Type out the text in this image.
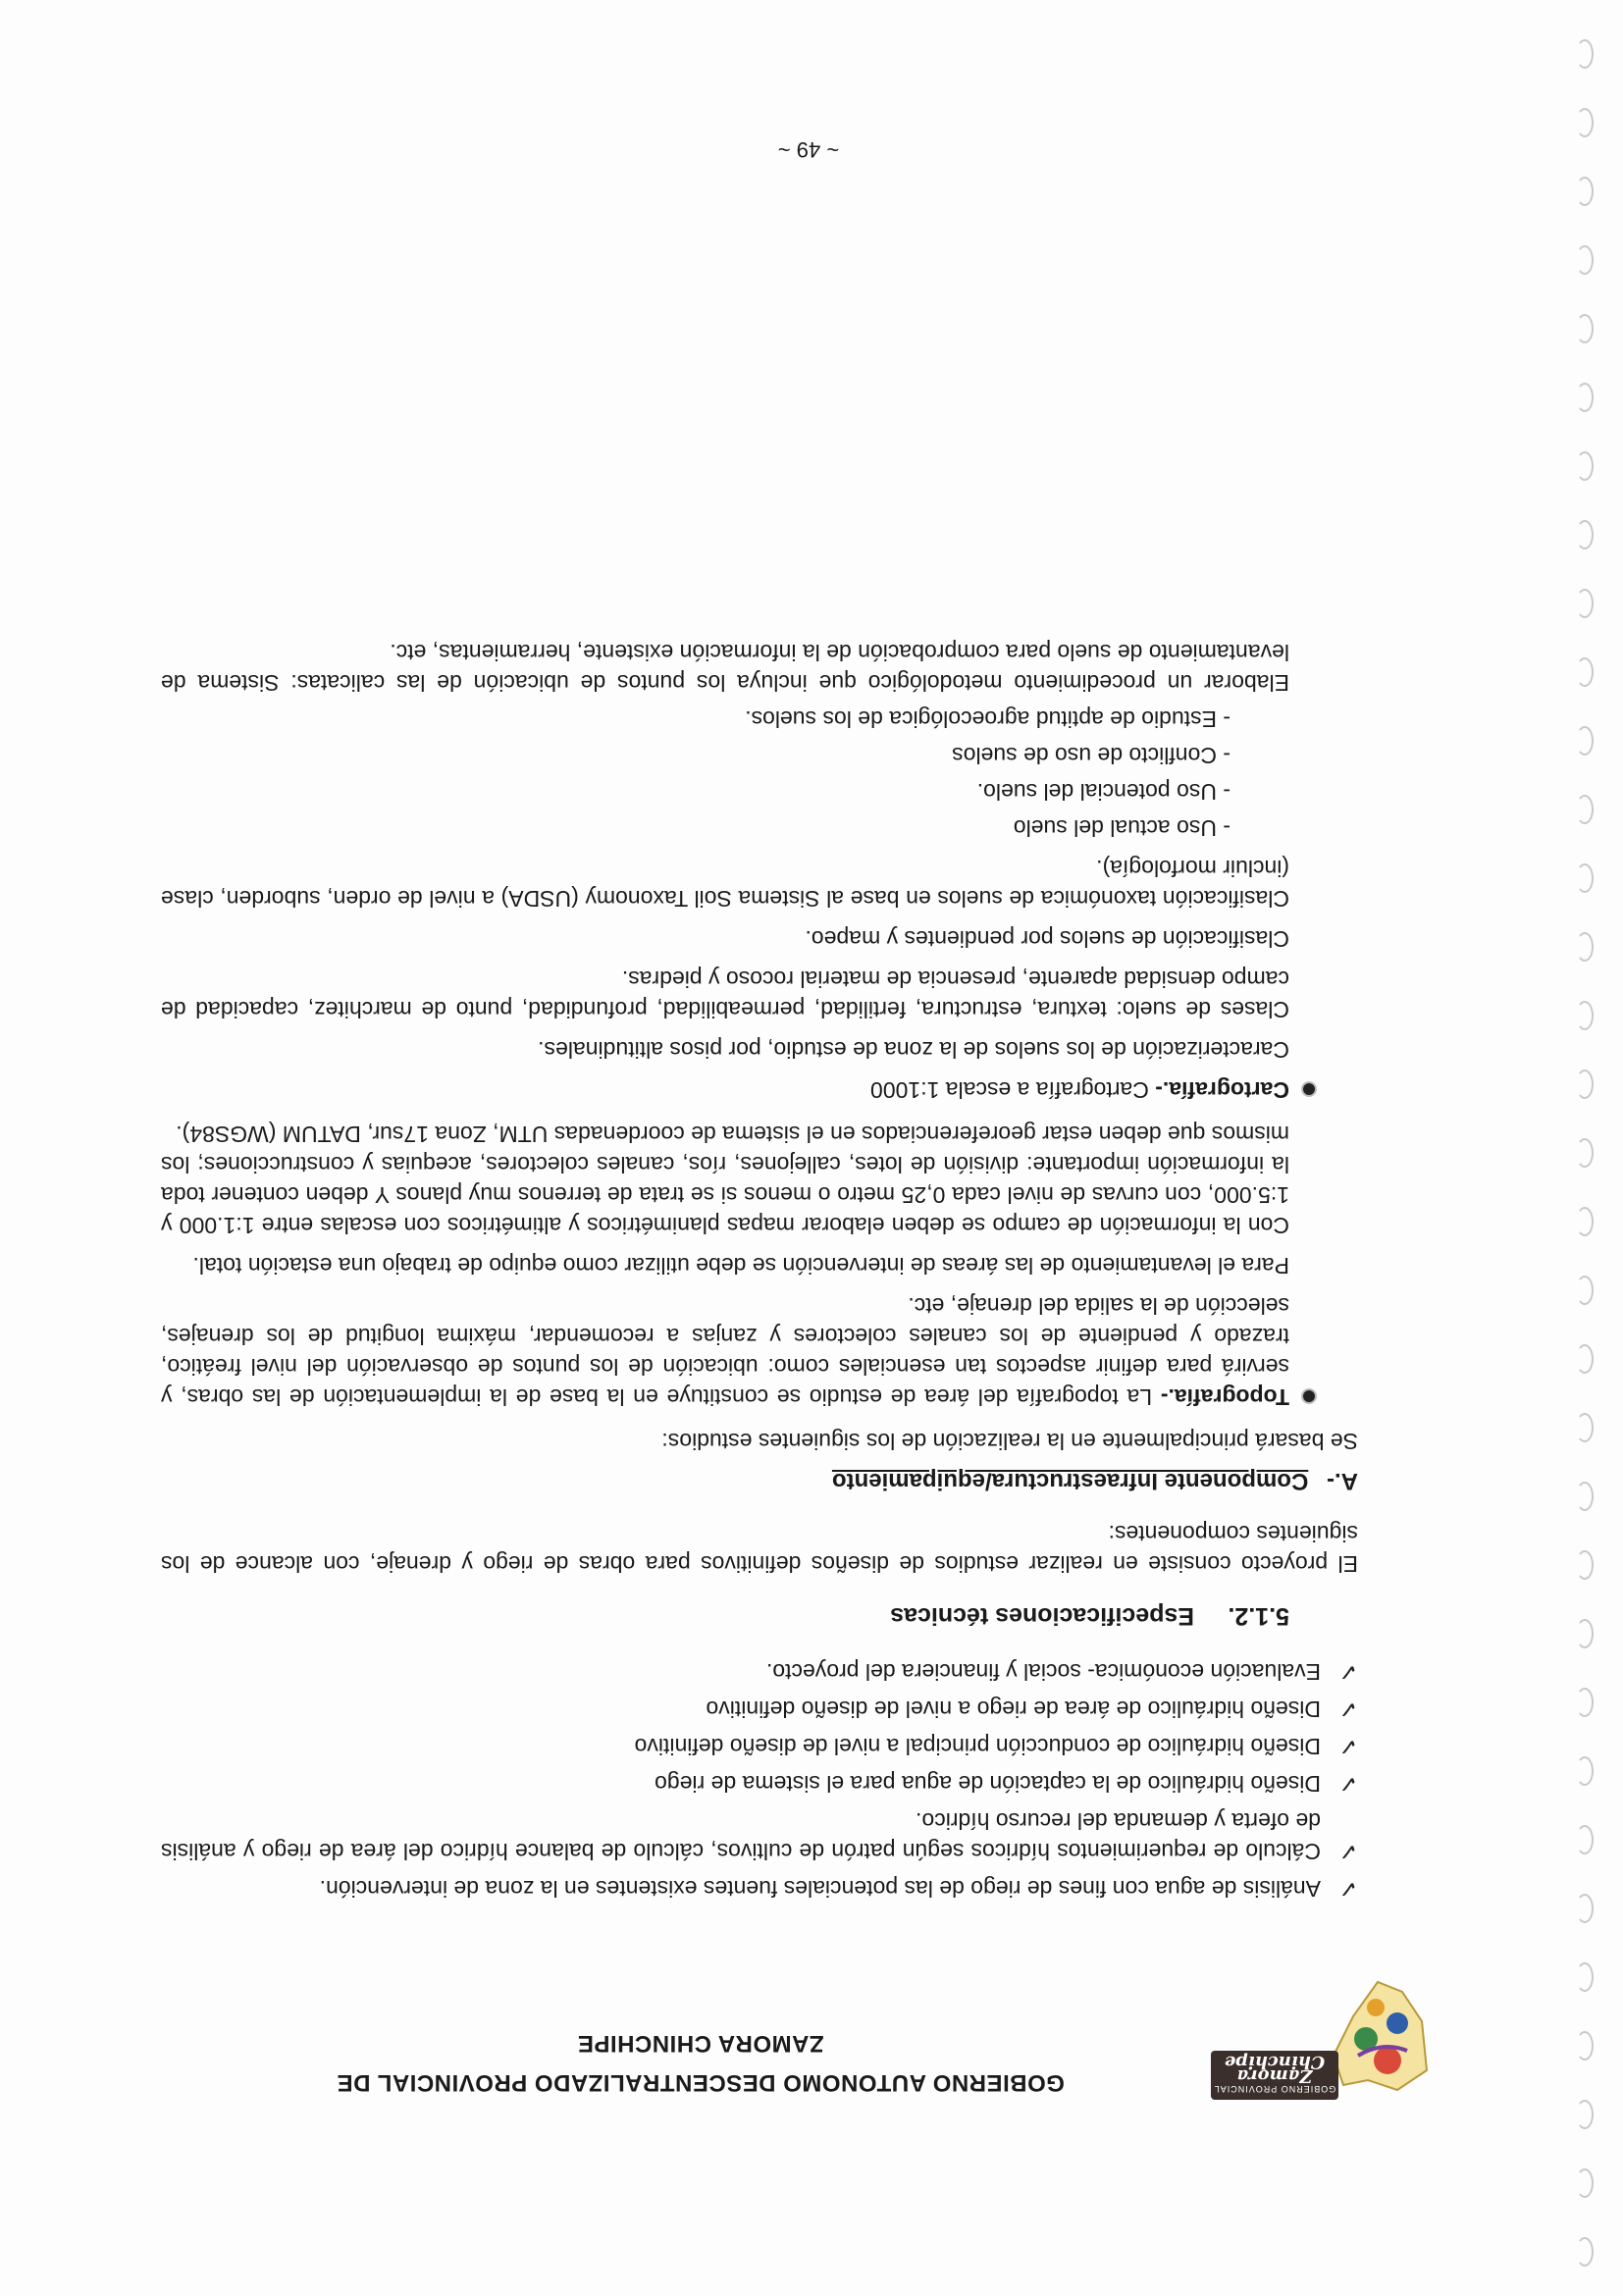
GOBIERNO PROVINCIAL
Zamora Chinchipe
GOBIERNO AUTONOMO DESCENTRALIZADO PROVINCIAL DE
ZAMORA CHINCHIPE
✓
Análisis de agua con fines de riego de las potenciales fuentes existentes en la zona de intervención.
✓
Cálculo de requerimientos hídricos según patrón de cultivos, cálculo de balance hídrico del área de riego y análisis de oferta y demanda del recurso hídrico.
✓
Diseño hidráulico de la captación de agua para el sistema de riego
✓
Diseño hidráulico de conducción principal a nivel de diseño definitivo
✓
Diseño hidráulico de área de riego a nivel de diseño definitivo
✓
Evaluación económica- social y financiera del proyecto.
5.1.2. Especificaciones técnicas

El proyecto consiste en realizar estudios de diseños definitivos para obras de riego y drenaje, con alcance de los siguientes componentes:

A.- Componente Infraestructura/equipamiento

Se basará principalmente en la realización de los siguientes estudios:

Topografía.- La topografía del área de estudio se constituye en la base de la implementación de las obras, y servirá para definir aspectos tan esenciales como: ubicación de los puntos de observación del nivel freático, trazado y pendiente de los canales colectores y zanjas a recomendar, máxima longitud de los drenajes, selección de la salida del drenaje, etc.

Para el levantamiento de las áreas de intervención se debe utilizar como equipo de trabajo una estación total.

Con la información de campo se deben elaborar mapas planimétricos y altimétricos con escalas entre 1:1.000 y 1:5.000, con curvas de nivel cada 0,25 metro o menos si se trata de terrenos muy planos Y deben contener toda la información importante: división de lotes, callejones, ríos, canales colectores, acequias y construcciones; los mismos que deben estar georeferenciados en el sistema de coordenadas UTM, Zona 17sur, DATUM (WGS84).

Cartografía.- Cartografía a escala 1:1000

Caracterización de los suelos de la zona de estudio, por pisos altitudinales.

Clases de suelo: textura, estructura, fertilidad, permeabilidad, profundidad, punto de marchitez, capacidad de campo densidad aparente, presencia de material rocoso y piedras.

Clasificación de suelos por pendientes y mapeo.

Clasificación taxonómica de suelos en base al Sistema Soil Taxonomy (USDA) a nivel de orden, suborden, clase (incluir morfología).

- Uso actual del suelo
- Uso potencial del suelo.
- Conflicto de uso de suelos
- Estudio de aptitud agroecológica de los suelos.

Elaborar un procedimiento metodológico que incluya los puntos de ubicación de las calicatas: Sistema de levantamiento de suelo para comprobación de la información existente, herramientas, etc.

~ 49 ~
